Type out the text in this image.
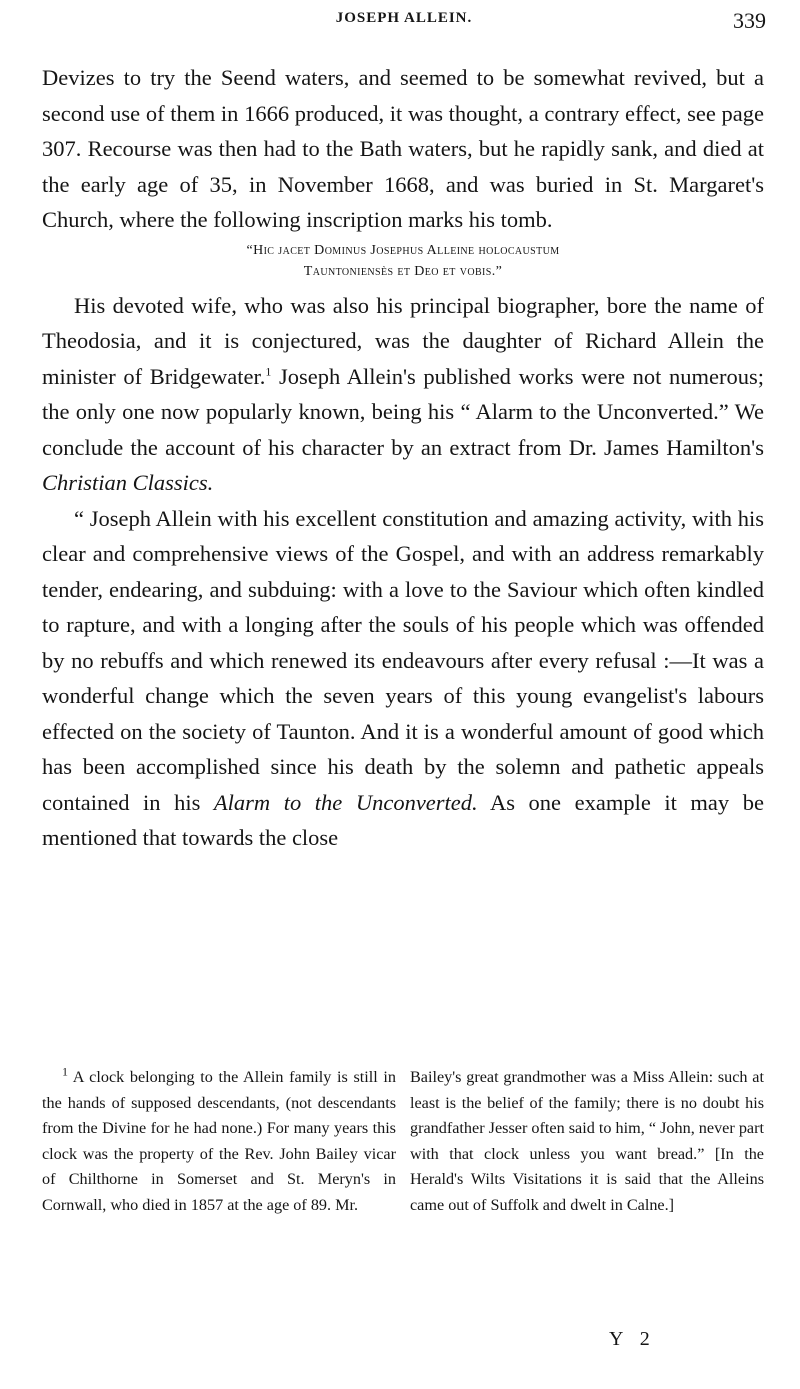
JOSEPH ALLEIN.	339

Devizes to try the Seend waters, and seemed to be somewhat revived, but a second use of them in 1666 produced, it was thought, a contrary effect, see page 307. Recourse was then had to the Bath waters, but he rapidly sank, and died at the early age of 35, in November 1668, and was buried in St. Margaret's Church, where the following inscription marks his tomb.

“Hic jacet Dominus Josephus Alleine holocaustum
Tauntoniensès et Deo et vobis.”

His devoted wife, who was also his principal biographer, bore the name of Theodosia, and it is conjectured, was the daughter of Richard Allein the minister of Bridgewater.$^1$ Joseph Allein's published works were not numerous; the only one now popularly known, being his “ Alarm to the Unconverted.” We conclude the account of his character by an extract from Dr. James Hamilton's Christian Classics.

“ Joseph Allein with his excellent constitution and amazing activity, with his clear and comprehensive views of the Gospel, and with an address remarkably tender, endearing, and subduing: with a love to the Saviour which often kindled to rapture, and with a longing after the souls of his people which was offended by no rebuffs and which renewed its endeavours after every refusal :—It was a wonderful change which the seven years of this young evangelist's labours effected on the society of Taunton. And it is a wonderful amount of good which has been accomplished since his death by the solemn and pathetic appeals contained in his Alarm to the Unconverted. As one example it may be mentioned that towards the close

$^1$ A clock belonging to the Allein family is still in the hands of supposed descendants, (not descendants from the Divine for he had none.) For many years this clock was the property of the Rev. John Bailey vicar of Chilthorne in Somerset and St. Meryn's in Cornwall, who died in 1857 at the age of 89. Mr.

Bailey's great grandmother was a Miss Allein: such at least is the belief of the family; there is no doubt his grandfather Jesser often said to him, “ John, never part with that clock unless you want bread.” [In the Herald's Wilts Visitations it is said that the Alleins came out of Suffolk and dwelt in Calne.]

Y 2
